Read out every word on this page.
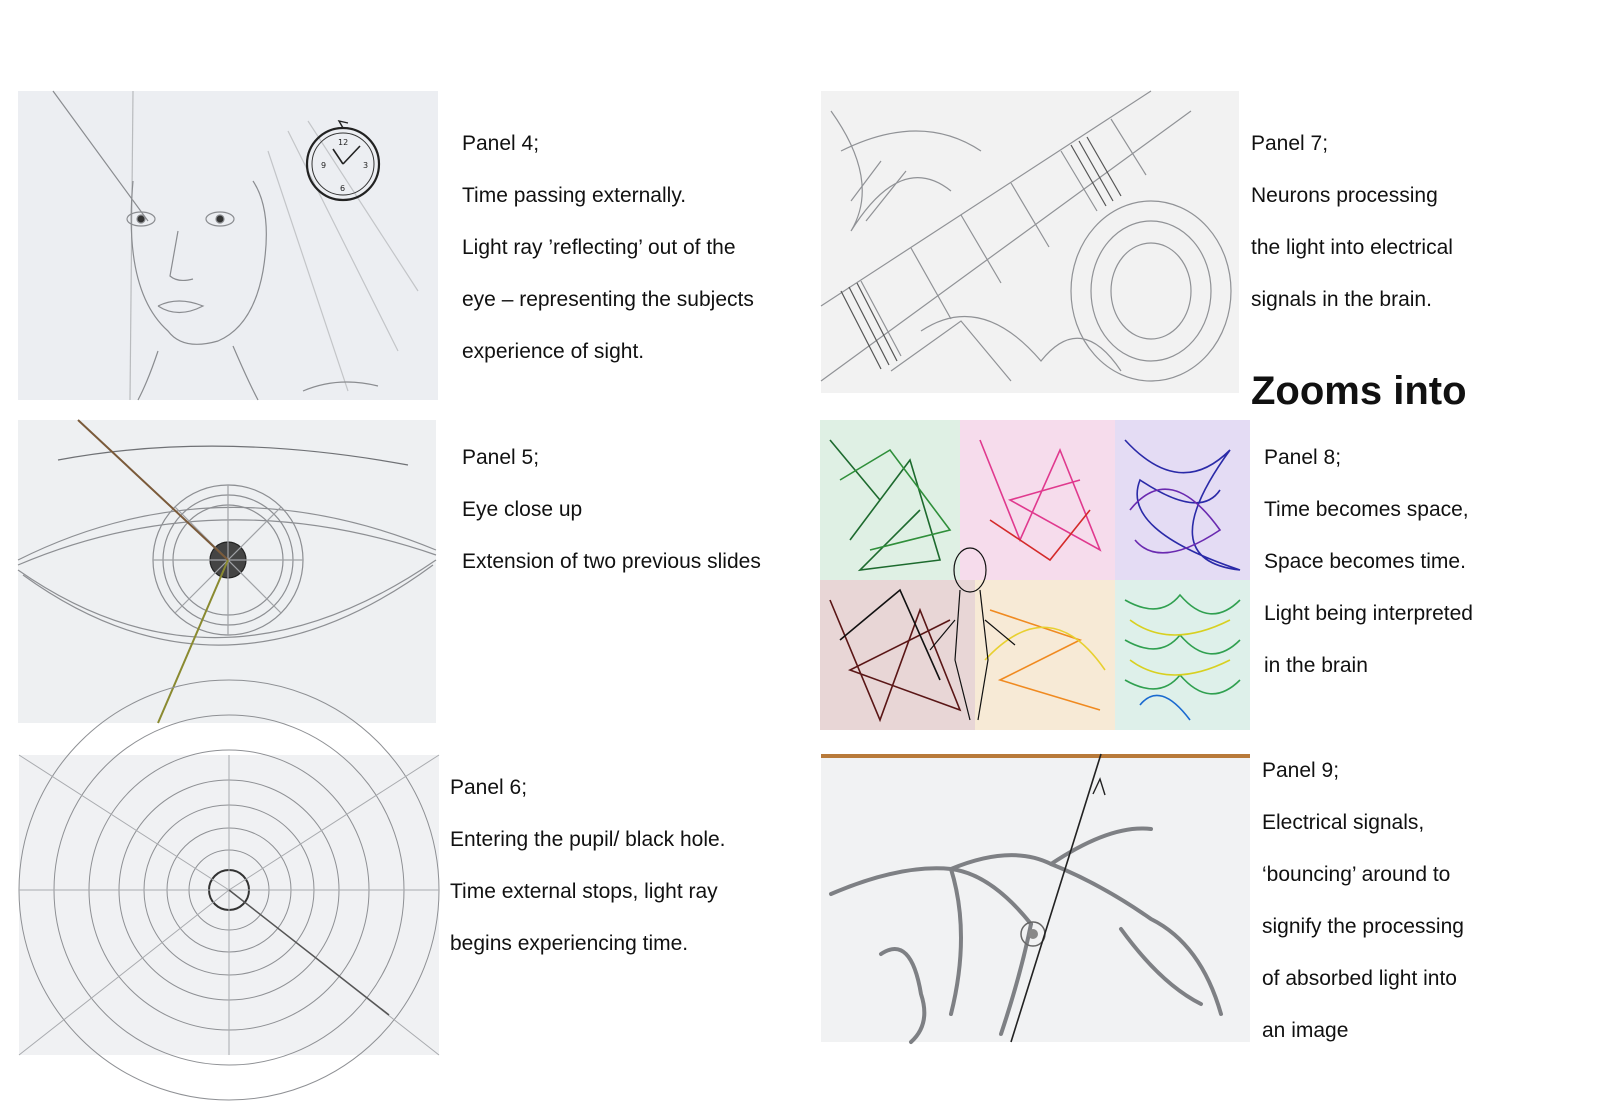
12
9	3
6

Panel 4;

Time passing externally.

Light ray ’reflecting’ out of the

eye – representing the subjects

experience of sight.

Panel 5;

Eye close up

Extension of two previous slides

Panel 6;

Entering the pupil/ black hole.

Time external stops, light ray

begins experiencing time.

Panel 7;

Neurons processing

the light into electrical

signals in the brain.

Zooms into

Panel 8;

Time becomes space,

Space becomes time.

Light being interpreted

in the brain

Panel 9;

Electrical signals,

‘bouncing’ around to

signify the processing

of absorbed light into

an image
